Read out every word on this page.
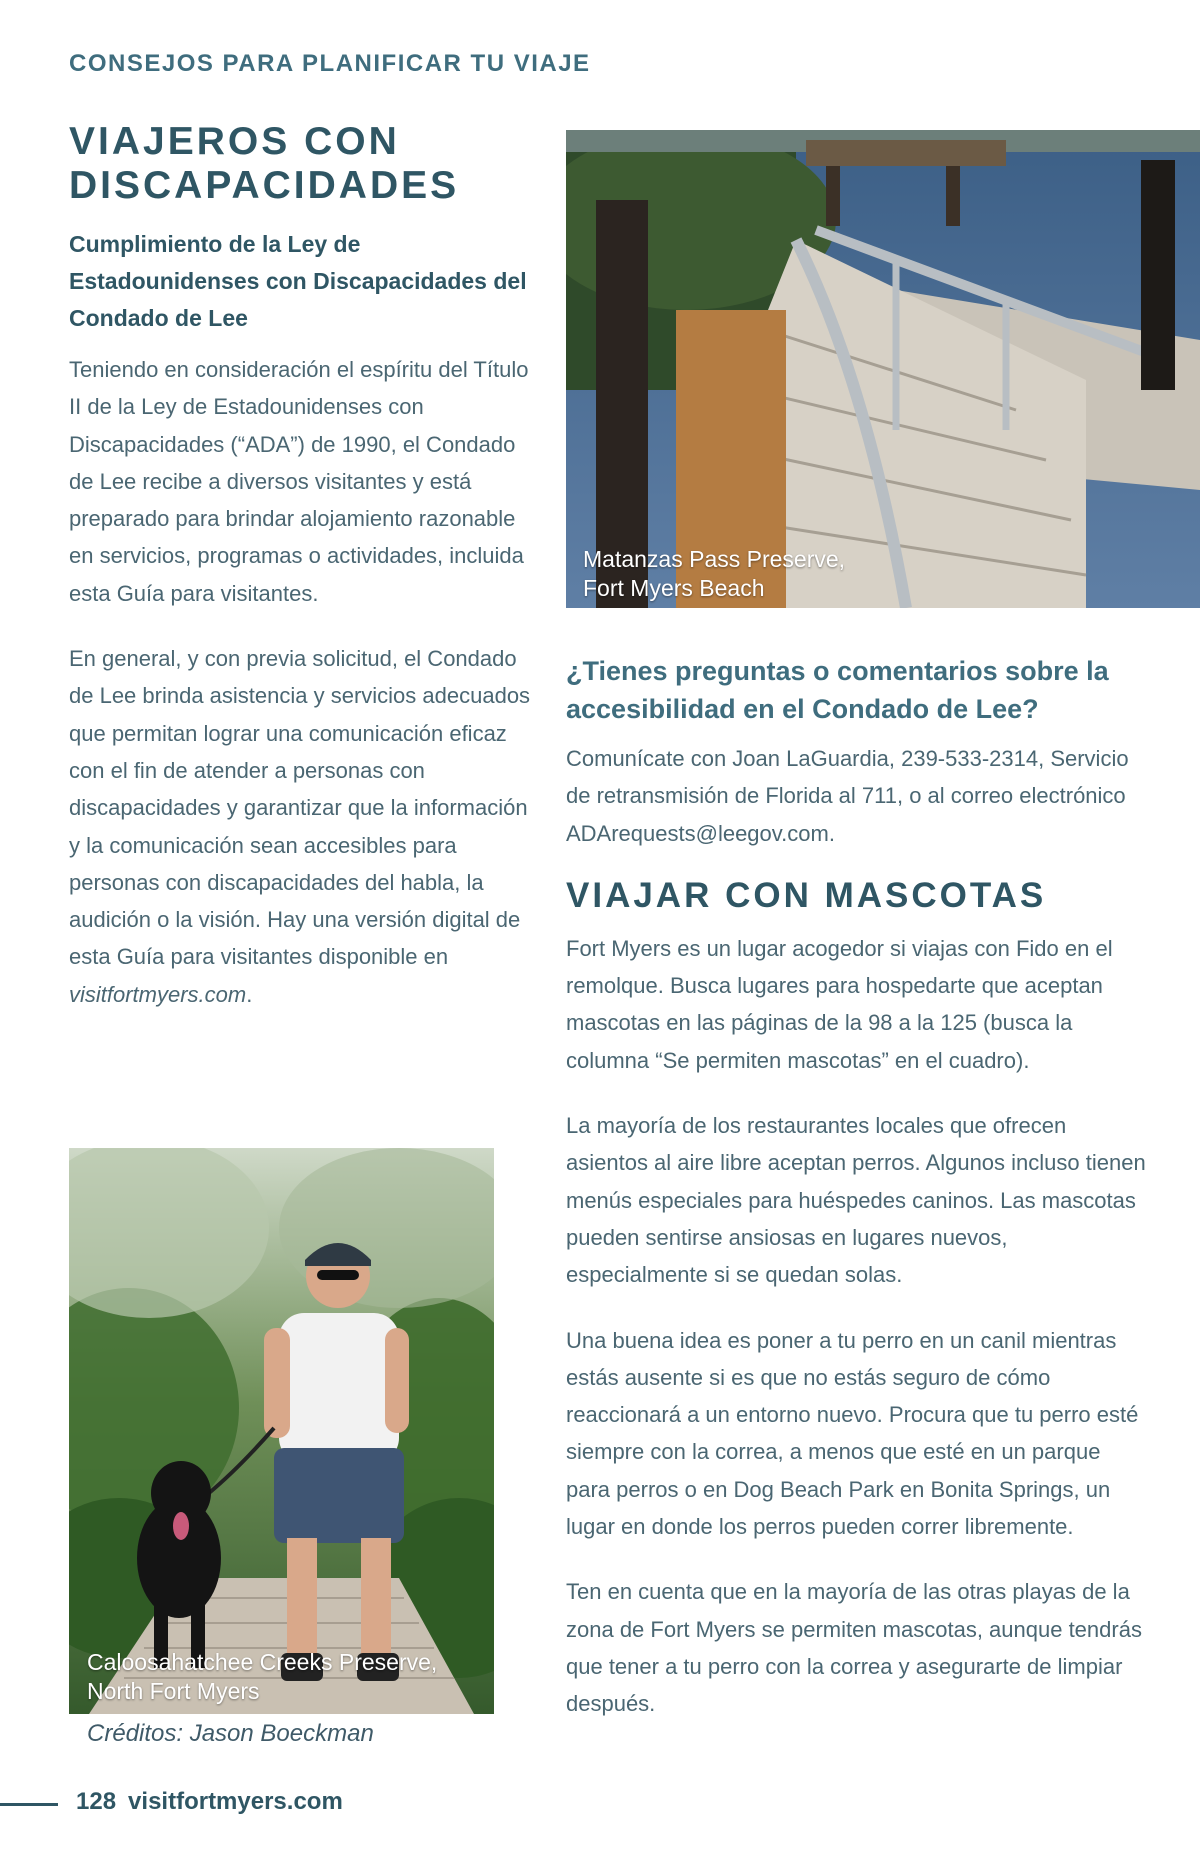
CONSEJOS PARA PLANIFICAR TU VIAJE
VIAJEROS CON
DISCAPACIDADES
Cumplimiento de la Ley de Estadounidenses con Discapacidades del Condado de Lee

Teniendo en consideración el espíritu del Título II de la Ley de Estadounidenses con Discapacidades (“ADA”) de 1990, el Condado de Lee recibe a diversos visitantes y está preparado para brindar alojamiento razonable en servicios, programas o actividades, incluida esta Guía para visitantes.

En general, y con previa solicitud, el Condado de Lee brinda asistencia y servicios adecuados que permitan lograr una comunicación eficaz con el fin de atender a personas con discapacidades y garantizar que la información y la comunicación sean accesibles para personas con discapacidades del habla, la audición o la visión. Hay una versión digital de esta Guía para visitantes disponible en visitfortmyers.com.

Caloosahatchee Creeks Preserve,
North Fort Myers
Créditos: Jason Boeckman
Matanzas Pass Preserve,
Fort Myers Beach
¿Tienes preguntas o comentarios sobre la accesibilidad en el Condado de Lee?
Comunícate con Joan LaGuardia, 239-533-2314, Servicio de retransmisión de Florida al 711, o al correo electrónico ADArequests@leegov.com.
VIAJAR CON MASCOTAS

Fort Myers es un lugar acogedor si viajas con Fido en el remolque. Busca lugares para hospedarte que aceptan mascotas en las páginas de la 98 a la 125 (busca la columna “Se permiten mascotas” en el cuadro).

La mayoría de los restaurantes locales que ofrecen asientos al aire libre aceptan perros. Algunos incluso tienen menús especiales para huéspedes caninos. Las mascotas pueden sentirse ansiosas en lugares nuevos, especialmente si se quedan solas.

Una buena idea es poner a tu perro en un canil mientras estás ausente si es que no estás seguro de cómo reaccionará a un entorno nuevo. Procura que tu perro esté siempre con la correa, a menos que esté en un parque para perros o en Dog Beach Park en Bonita Springs, un lugar en donde los perros pueden correr libremente.

Ten en cuenta que en la mayoría de las otras playas de la zona de Fort Myers se permiten mascotas, aunque tendrás que tener a tu perro con la correa y asegurarte de limpiar después.

128 visitfortmyers.com
